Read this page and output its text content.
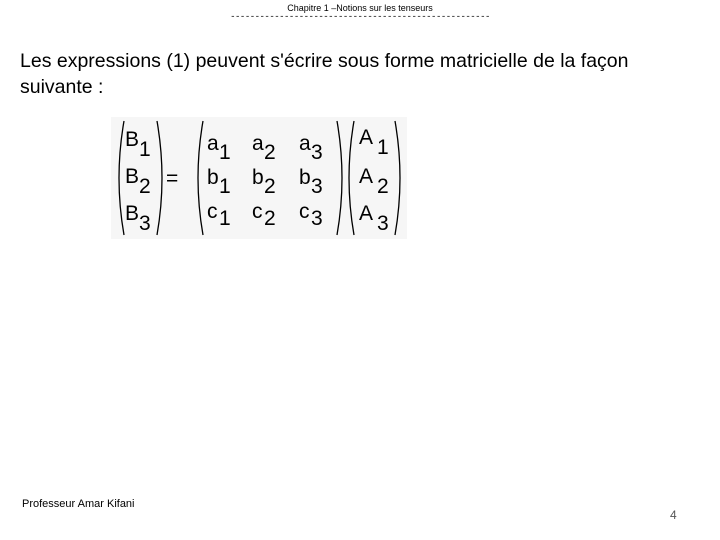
Chapitre 1 –Notions sur les tenseurs
-----------------------------------------------------
Les expressions (1) peuvent s'écrire sous forme matricielle de la façon suivante :
B 1
B 2
B 3
=
a 1 a 2 a 3
b 1 b 2 b 3
c 1 c 2 c 3
A 1
A 2
A 3
Professeur Amar Kifani
4
